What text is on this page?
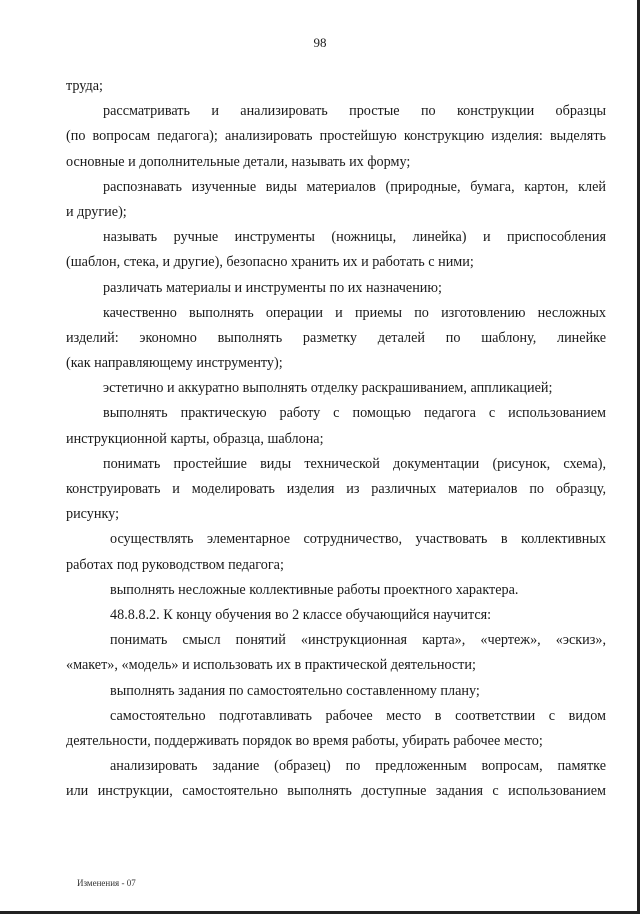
98
труда;
рассматривать и анализировать простые по конструкции образцы
(по вопросам педагога); анализировать простейшую конструкцию изделия: выделять
основные и дополнительные детали, называть их форму;
распознавать изученные виды материалов (природные, бумага, картон, клей
и другие);
называть ручные инструменты (ножницы, линейка) и приспособления
(шаблон, стека, и другие), безопасно хранить их и работать с ними;
различать материалы и инструменты по их назначению;
качественно выполнять операции и приемы по изготовлению несложных
изделий: экономно выполнять разметку деталей по шаблону, линейке
(как направляющему инструменту);
эстетично и аккуратно выполнять отделку раскрашиванием, аппликацией;
выполнять практическую работу с помощью педагога с использованием
инструкционной карты, образца, шаблона;
понимать простейшие виды технической документации (рисунок, схема),
конструировать и моделировать изделия из различных материалов по образцу,
рисунку;
осуществлять элементарное сотрудничество, участвовать в коллективных
работах под руководством педагога;
выполнять несложные коллективные работы проектного характера.
48.8.8.2. К концу обучения во 2 классе обучающийся научится:
понимать смысл понятий «инструкционная карта», «чертеж», «эскиз»,
«макет», «модель» и использовать их в практической деятельности;
выполнять задания по самостоятельно составленному плану;
самостоятельно подготавливать рабочее место в соответствии с видом
деятельности, поддерживать порядок во время работы, убирать рабочее место;
анализировать задание (образец) по предложенным вопросам, памятке
или инструкции, самостоятельно выполнять доступные задания с использованием
Изменения - 07
